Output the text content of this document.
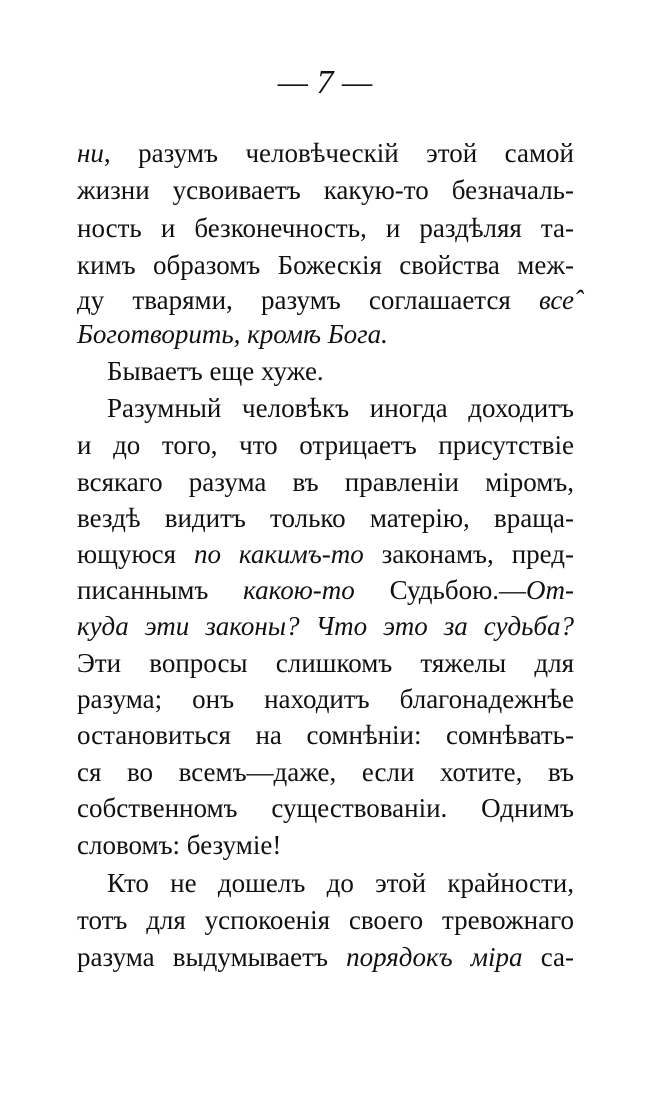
— 7 —
ни, разумъ человѣческій этой самой
жизни усвоиваетъ какую-то безначаль-
ность и безконечность, и раздѣляя та-
кимъ образомъ Божескія свойства меж-
ду тварями, разумъ соглашается все̂
Боготворить, кромѣ Бога.
Бываетъ еще хуже.
Разумный человѣкъ иногда доходитъ
и до того, что отрицаетъ присутствіе
всякаго разума въ правленіи міромъ,
вездѣ видитъ только матерію, враща-
ющуюся по какимъ-то законамъ, пред-
писаннымъ какою-то Судьбою.—От-
куда эти законы? Что это за судьба?
Эти вопросы слишкомъ тяжелы для
разума; онъ находитъ благонадежнѣе
остановиться на сомнѣніи: сомнѣвать-
ся во всемъ—даже, если хотите, въ
собственномъ существованіи. Однимъ
словомъ: безуміе!
Кто не дошелъ до этой крайности,
тотъ для успокоенія своего тревожнаго
разума выдумываетъ порядокъ міра са-
